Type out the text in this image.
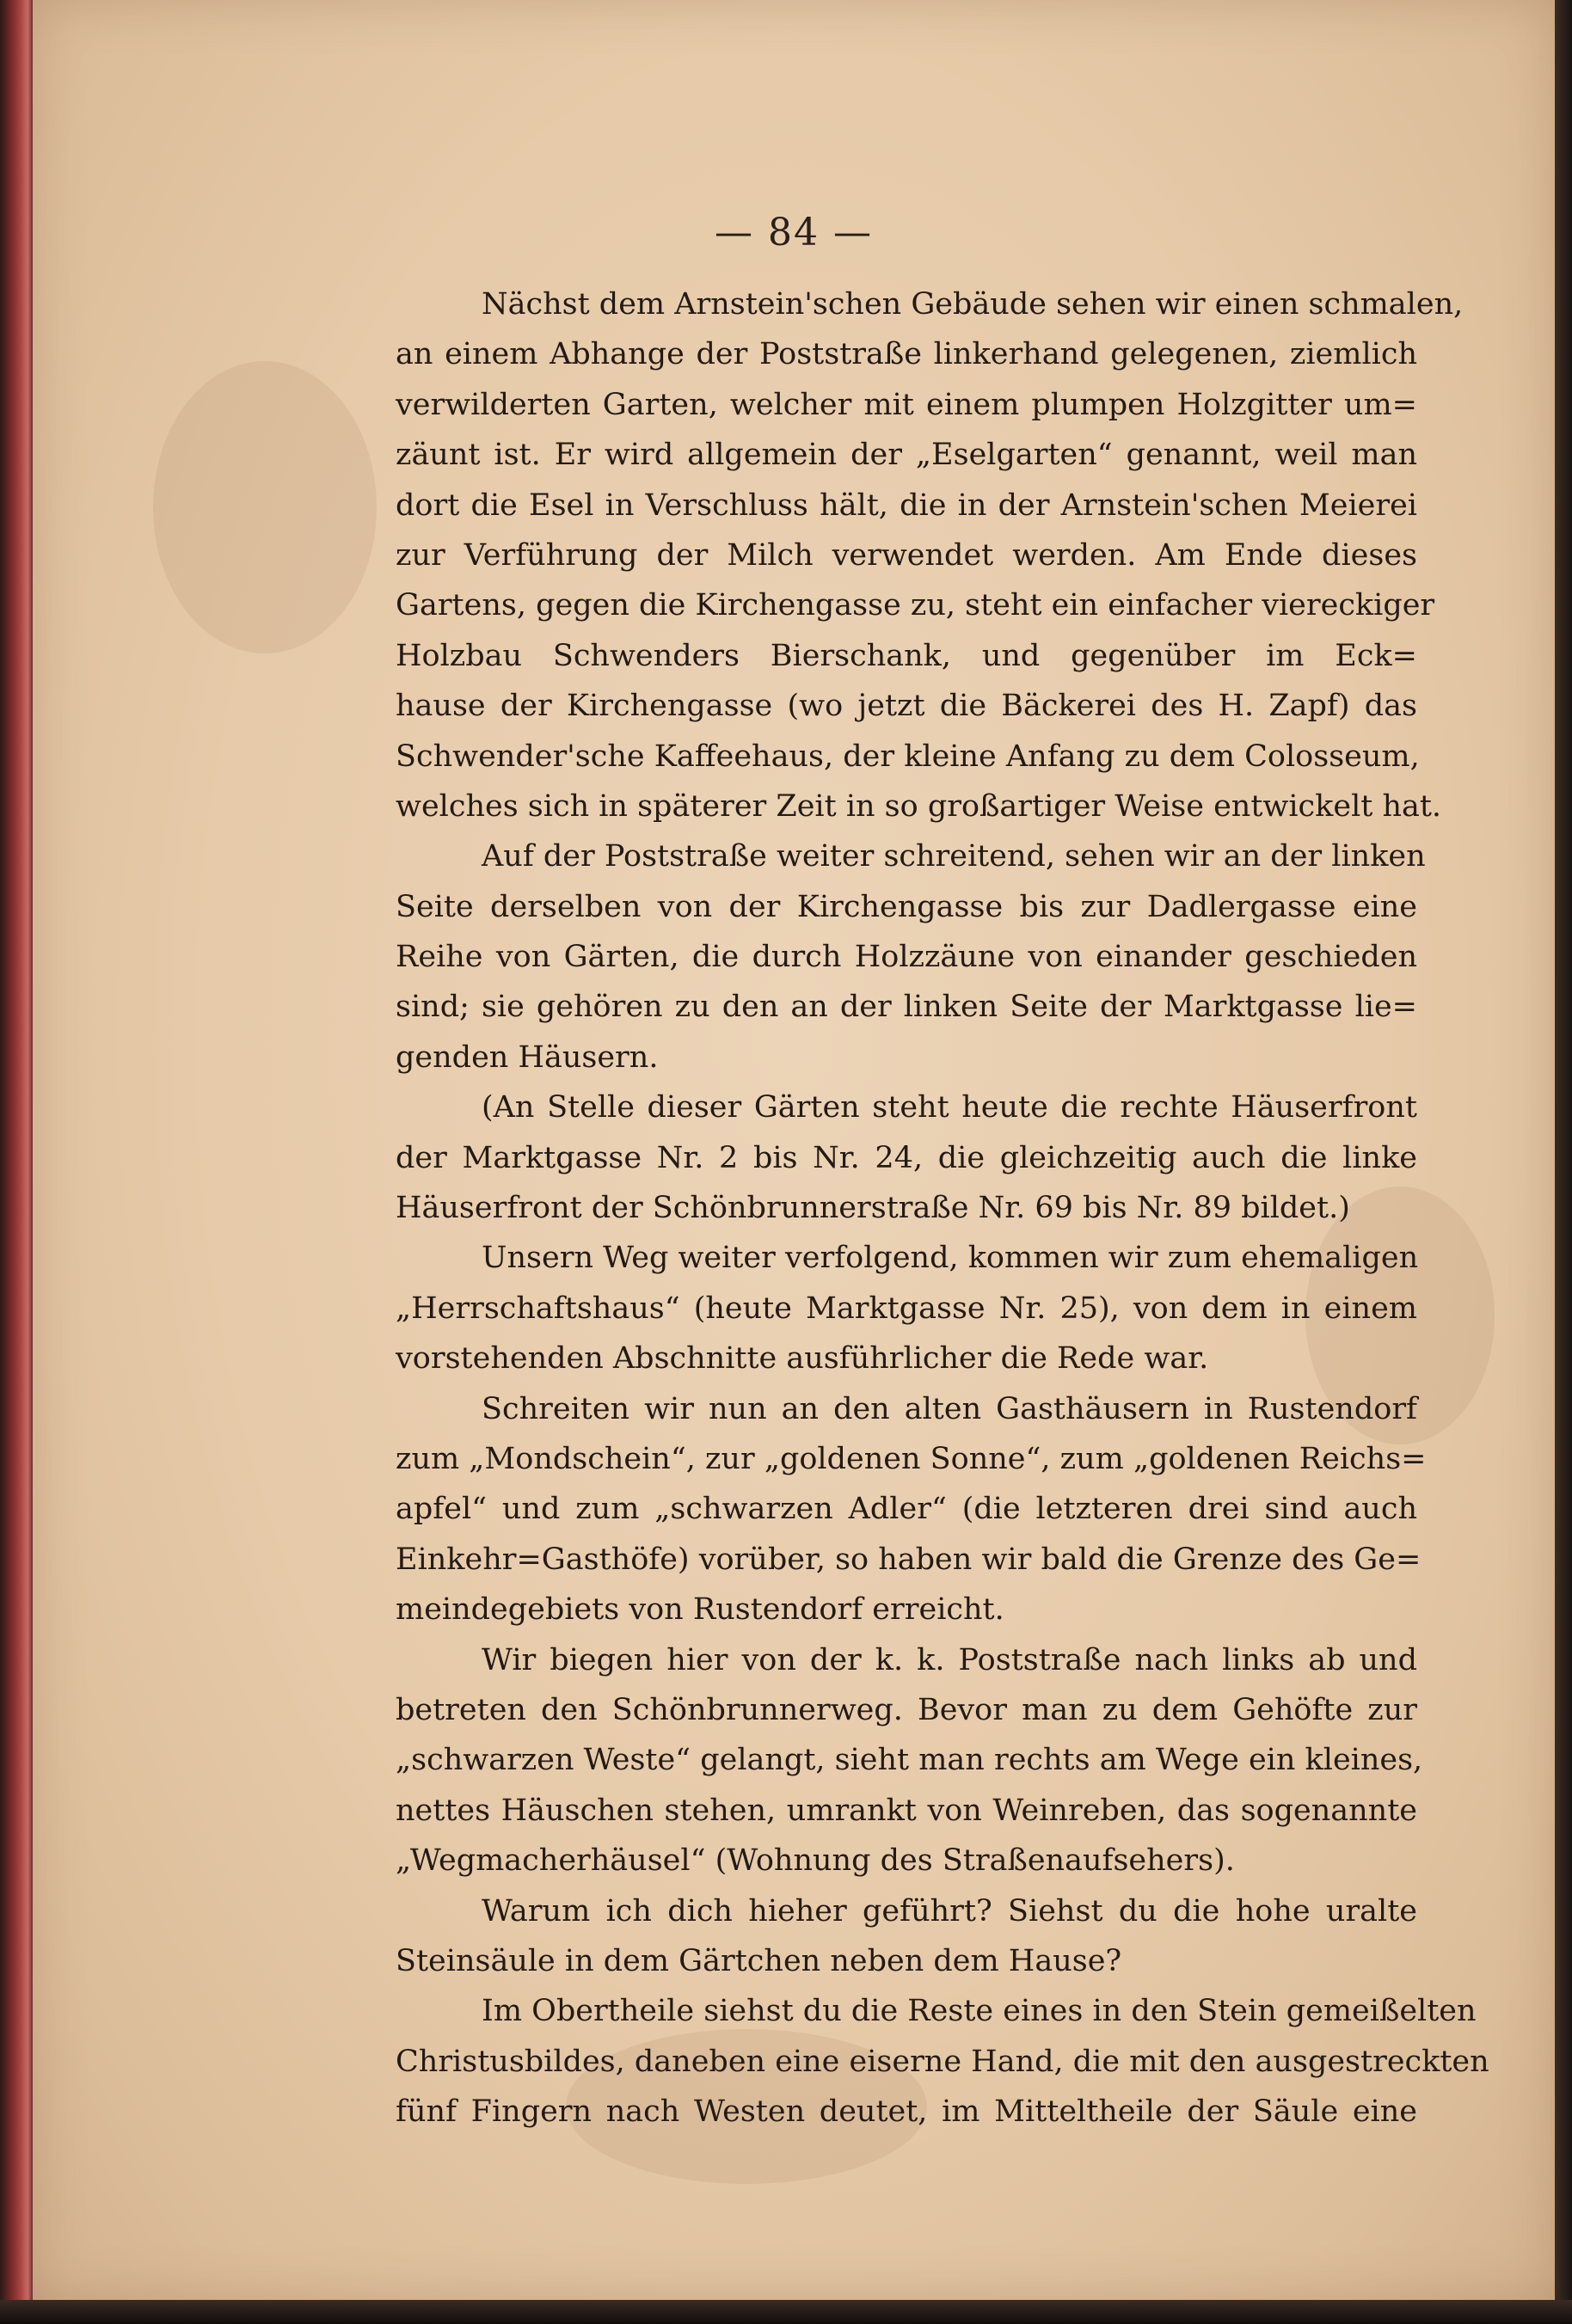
— 84 —
Nächst dem Arnstein'schen Gebäude sehen wir einen schmalen,
an einem Abhange der Poststraße linkerhand gelegenen, ziemlich
verwilderten Garten, welcher mit einem plumpen Holzgitter um=
zäunt ist. Er wird allgemein der „Eselgarten“ genannt, weil man
dort die Esel in Verschluss hält, die in der Arnstein'schen Meierei
zur Verführung der Milch verwendet werden. Am Ende dieses
Gartens, gegen die Kirchengasse zu, steht ein einfacher viereckiger
Holzbau Schwenders Bierschank, und gegenüber im Eck=
hause der Kirchengasse (wo jetzt die Bäckerei des H. Zapf) das
Schwender'sche Kaffeehaus, der kleine Anfang zu dem Colosseum,
welches sich in späterer Zeit in so großartiger Weise entwickelt hat.
Auf der Poststraße weiter schreitend, sehen wir an der linken
Seite derselben von der Kirchengasse bis zur Dadlergasse eine
Reihe von Gärten, die durch Holzzäune von einander geschieden
sind; sie gehören zu den an der linken Seite der Marktgasse lie=
genden Häusern.
(An Stelle dieser Gärten steht heute die rechte Häuserfront
der Marktgasse Nr. 2 bis Nr. 24, die gleichzeitig auch die linke
Häuserfront der Schönbrunnerstraße Nr. 69 bis Nr. 89 bildet.)
Unsern Weg weiter verfolgend, kommen wir zum ehemaligen
„Herrschaftshaus“ (heute Marktgasse Nr. 25), von dem in einem
vorstehenden Abschnitte ausführlicher die Rede war.
Schreiten wir nun an den alten Gasthäusern in Rustendorf
zum „Mondschein“, zur „goldenen Sonne“, zum „goldenen Reichs=
apfel“ und zum „schwarzen Adler“ (die letzteren drei sind auch
Einkehr=Gasthöfe) vorüber, so haben wir bald die Grenze des Ge=
meindegebiets von Rustendorf erreicht.
Wir biegen hier von der k. k. Poststraße nach links ab und
betreten den Schönbrunnerweg. Bevor man zu dem Gehöfte zur
„schwarzen Weste“ gelangt, sieht man rechts am Wege ein kleines,
nettes Häuschen stehen, umrankt von Weinreben, das sogenannte
„Wegmacherhäusel“ (Wohnung des Straßenaufsehers).
Warum ich dich hieher geführt? Siehst du die hohe uralte
Steinsäule in dem Gärtchen neben dem Hause?
Im Obertheile siehst du die Reste eines in den Stein gemeißelten
Christusbildes, daneben eine eiserne Hand, die mit den ausgestreckten
fünf Fingern nach Westen deutet, im Mitteltheile der Säule eine
